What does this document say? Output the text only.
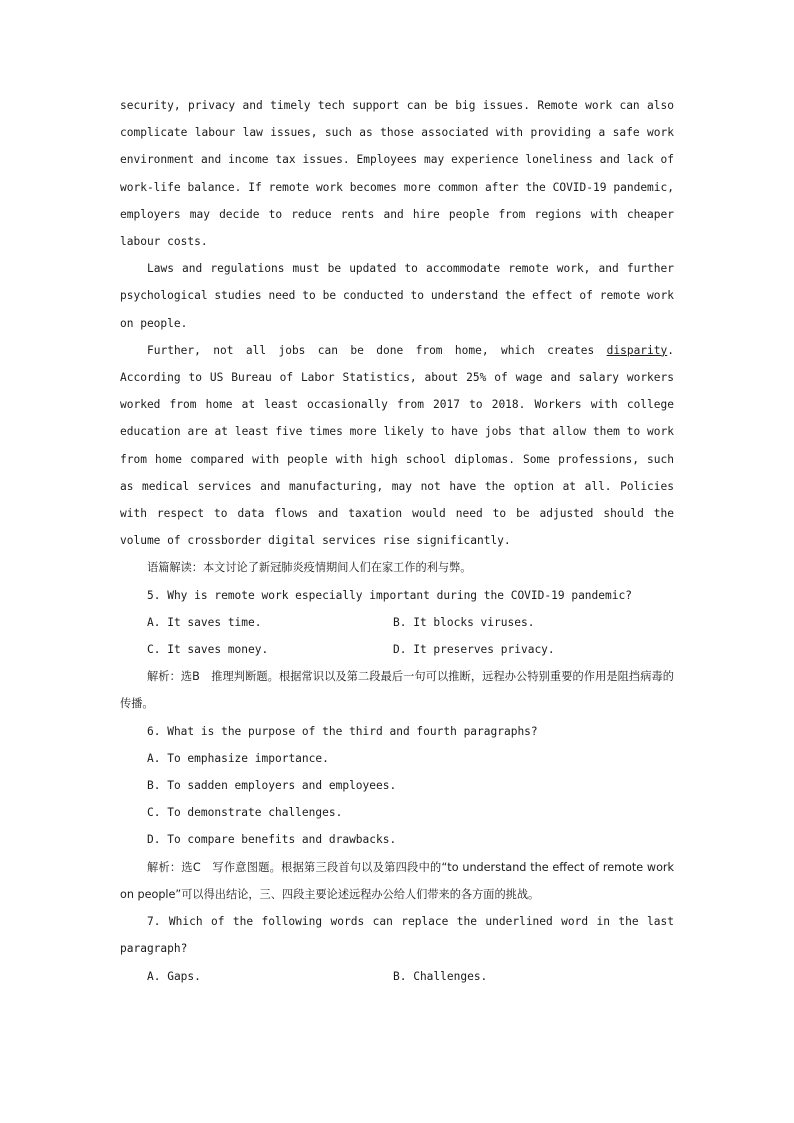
security, privacy and timely tech support can be big issues. Remote work can also complicate labour law issues, such as those associated with providing a safe work environment and income tax issues. Employees may experience loneliness and lack of work-life balance. If remote work becomes more common after the COVID-19 pandemic, employers may decide to reduce rents and hire people from regions with cheaper labour costs.

Laws and regulations must be updated to accommodate remote work, and further psychological studies need to be conducted to understand the effect of remote work on people.

Further, not all jobs can be done from home, which creates disparity. According to US Bureau of Labor Statistics, about 25% of wage and salary workers worked from home at least occasionally from 2017 to 2018. Workers with college education are at least five times more likely to have jobs that allow them to work from home compared with people with high school diplomas. Some professions, such as medical services and manufacturing, may not have the option at all. Policies with respect to data flows and taxation would need to be adjusted should the volume of crossborder digital services rise significantly.

语篇解读：本文讨论了新冠肺炎疫情期间人们在家工作的利与弊。

5. Why is remote work especially important during the COVID-19 pandemic?

A. It saves time.	B. It blocks viruses.
C. It saves money.	D. It preserves privacy.

解析：选B　推理判断题。根据常识以及第二段最后一句可以推断，远程办公特别重要的作用是阻挡病毒的传播。

6. What is the purpose of the third and fourth paragraphs?

A. To emphasize importance.

B. To sadden employers and employees.

C. To demonstrate challenges.

D. To compare benefits and drawbacks.

解析：选C　写作意图题。根据第三段首句以及第四段中的“to understand the effect of remote work on people”可以得出结论，三、四段主要论述远程办公给人们带来的各方面的挑战。

7. Which of the following words can replace the underlined word in the last paragraph?

A. Gaps.	B. Challenges.
